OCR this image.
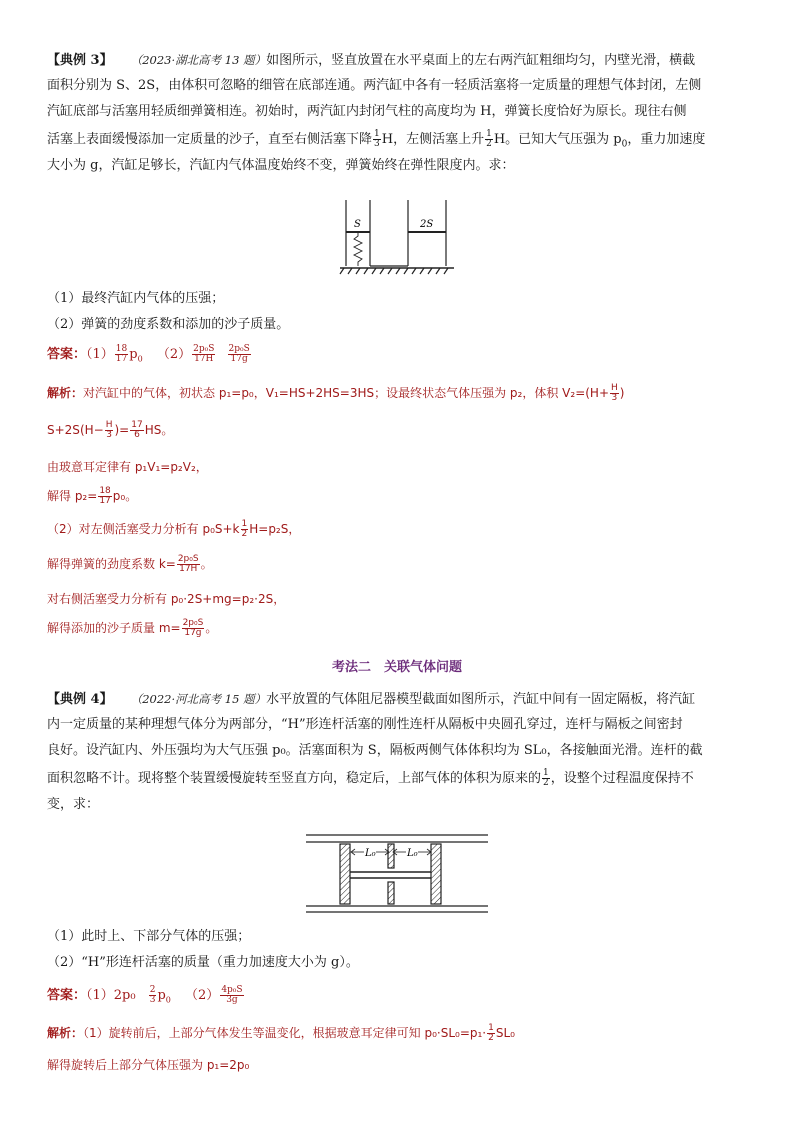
【典例 3】 （2023·湖北高考 13 题）如图所示，竖直放置在水平桌面上的左右两汽缸粗细均匀，内壁光滑，横截
面积分别为 S、2S，由体积可忽略的细管在底部连通。两汽缸中各有一轻质活塞将一定质量的理想气体封闭，左侧
汽缸底部与活塞用轻质细弹簧相连。初始时，两汽缸内封闭气柱的高度均为 H，弹簧长度恰好为原长。现往右侧
活塞上表面缓慢添加一定质量的沙子，直至右侧活塞下降 $\frac{1}{3}$ H，左侧活塞上升 $\frac{1}{2}$ H。已知大气压强为 $p_0$，重力加速度
大小为 g，汽缸足够长，汽缸内气体温度始终不变，弹簧始终在弹性限度内。求：
S	2S
（1）最终汽缸内气体的压强；
（2）弹簧的劲度系数和添加的沙子质量。
答案：$(1) \frac{18}{17} p_0$ $(2) \frac{\text{2p₀S}}{17H}$
$\frac{\text{2p₀S}}{17g}$
解析：对汽缸中的气体，初状态 p₁=p₀，V₁=HS+2HS=3HS；设最终状态气体压强为 p₂，体积 $V_2=(H+ \frac{H}{3}$ )
$S+2S(H- \frac{H}{3}$ )= $\frac{17}{6}$ HS。
由玻意耳定律有 p₁V₁=p₂V₂，
解得 $p_2= \frac{18}{17} p_0$。
（2）对左侧活塞受力分析有 $p_0S+k \frac{1}{2} H=p_2S$，
解得弹簧的劲度系数 $k= \frac{\text{2p₀S}}{17H}$ 。
对右侧活塞受力分析有 p₀·2S+mg=p₂·2S，
解得添加的沙子质量 $m= \frac{\text{2p₀S}}{17g}$ 。
考法二　关联气体问题
【典例 4】 （2022·河北高考 15 题）水平放置的气体阻尼器模型截面如图所示，汽缸中间有一固定隔板，将汽缸
内一定质量的某种理想气体分为两部分，“H”形连杆活塞的刚性连杆从隔板中央圆孔穿过，连杆与隔板之间密封
良好。设汽缸内、外压强均为大气压强 p₀。活塞面积为 S，隔板两侧气体体积均为 SL₀，各接触面光滑。连杆的截
面积忽略不计。现将整个装置缓慢旋转至竖直方向，稳定后，上部气体的体积为原来的 $\frac{1}{2}$ ，设整个过程温度保持不
变，求：
L₀	L₀
（1）此时上、下部分气体的压强；
（2）“H”形连杆活塞的质量（重力加速度大小为 g）。
答案：$(1)2p_0 \frac{2}{3} p_0$ $(2) \frac{\text{4p₀S}}{3g}$
解析：（1）旋转前后，上部分气体发生等温变化，根据玻意耳定律可知 $p_0\cdot SL_0=p_1\cdot \frac{1}{2} SL_0$
解得旋转后上部分气体压强为 p₁=2p₀
